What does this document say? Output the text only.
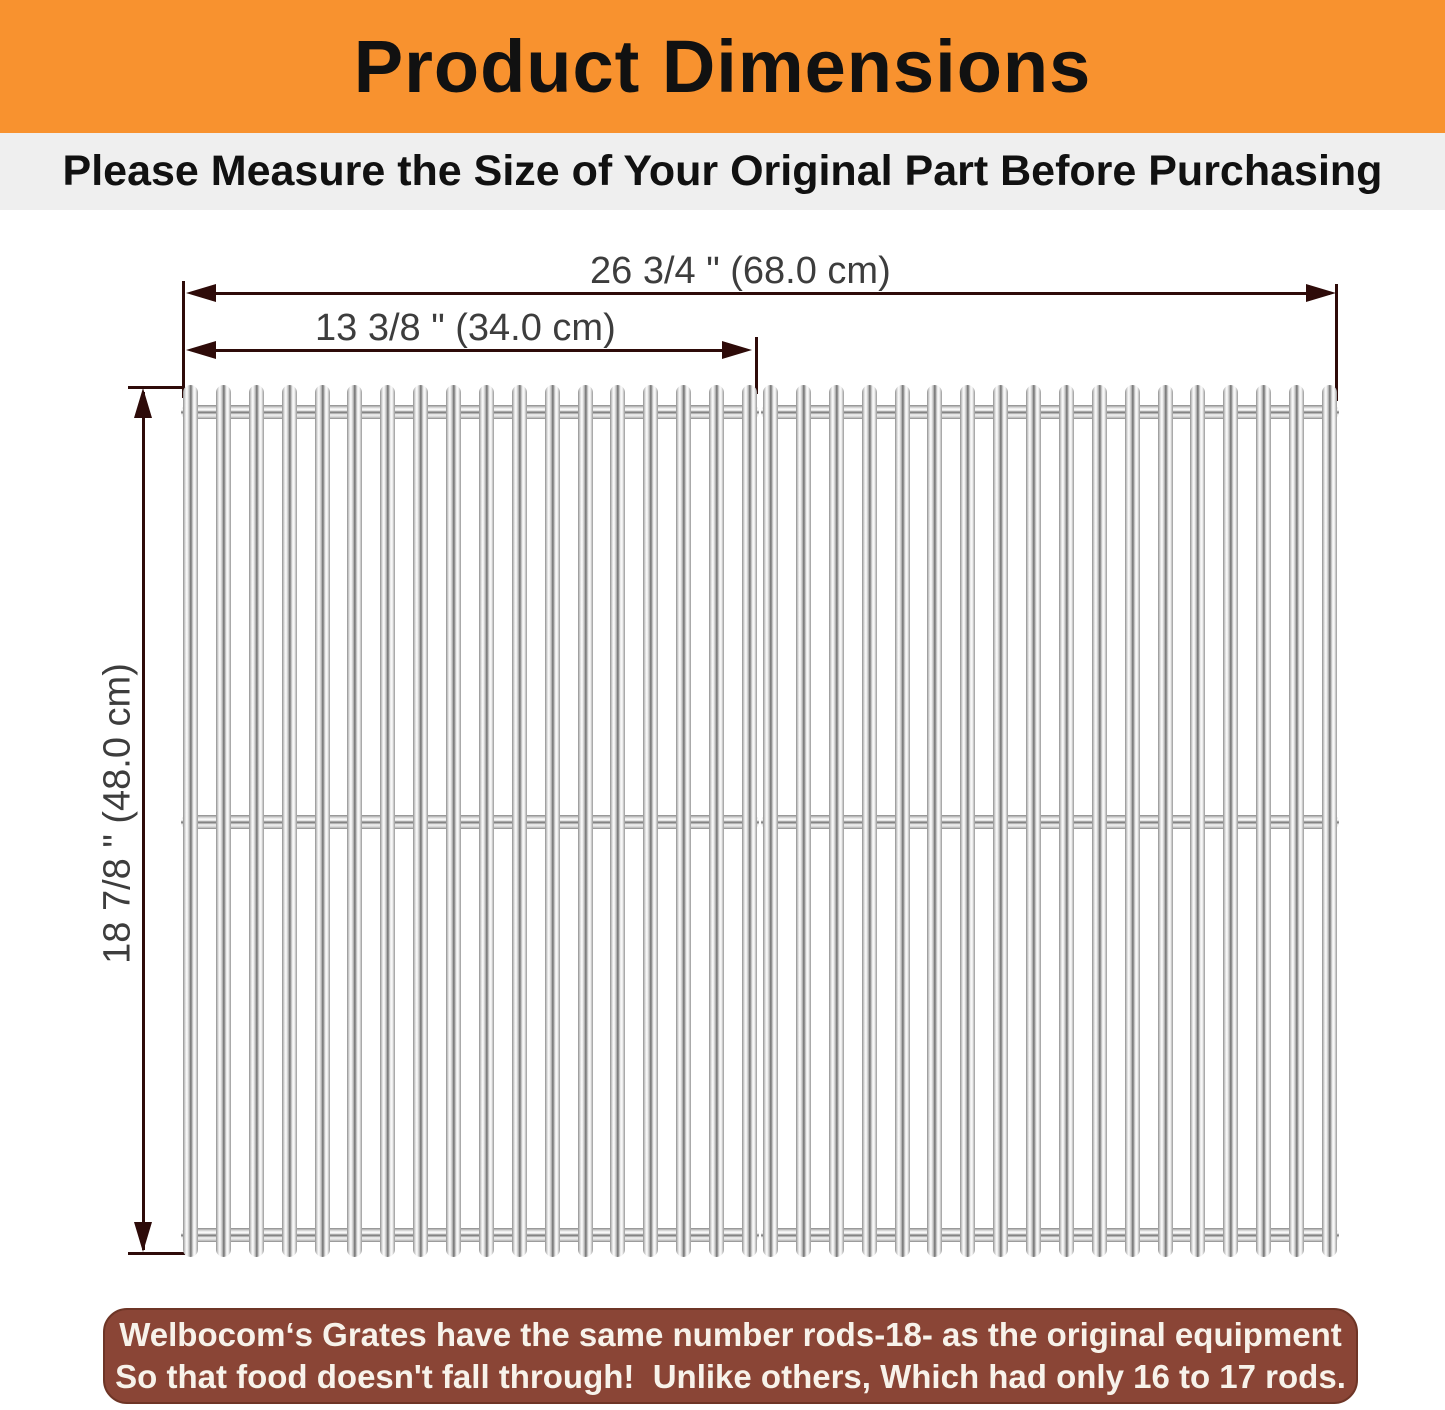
Product Dimensions
Please Measure the Size of Your Original Part Before Purchasing
26 3/4 " (68.0 cm)
13 3/8 " (34.0 cm)
18 7/8 " (48.0 cm)
Welbocom‘s Grates have the same number rods-18- as the original equipment
So that food doesn't fall through!  Unlike others, Which had only 16 to 17 rods.
